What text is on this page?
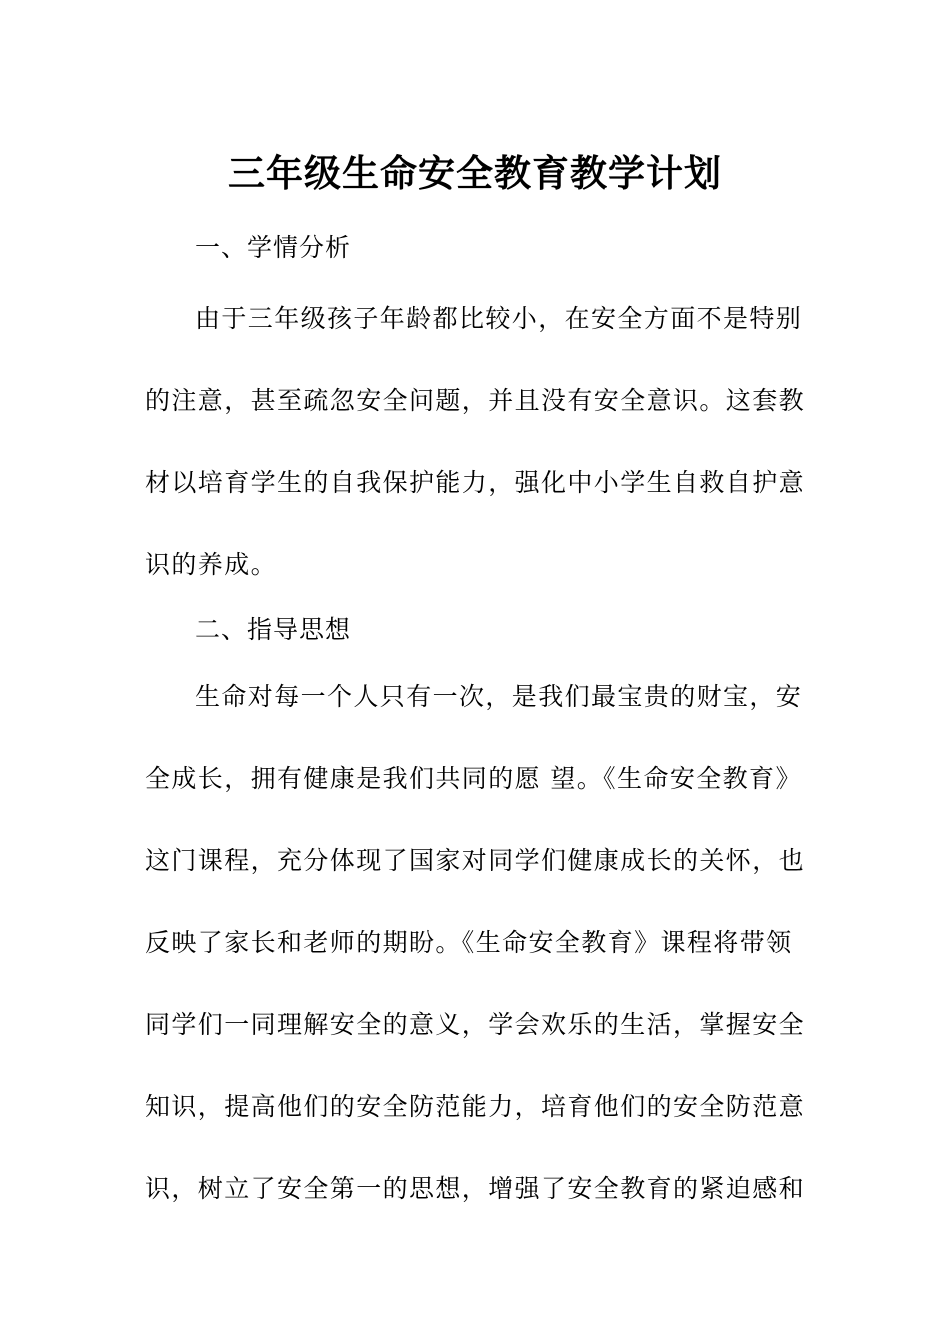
三年级生命安全教育教学计划

一、学情分析

由于三年级孩子年龄都比较小，在安全方面不是特别的注意，甚至疏忽安全问题，并且没有安全意识。这套教材以培育学生的自我保护能力，强化中小学生自救自护意识的养成。

二、指导思想

生命对每一个人只有一次，是我们最宝贵的财宝，安全成长，拥有健康是我们共同的愿 望。《生命安全教育》这门课程，充分体现了国家对同学们健康成长的关怀，也反映了家长和老师的期盼。《生命安全教育》课程将带领同学们一同理解安全的意义，学会欢乐的生活，掌握安全知识，提高他们的安全防范能力，培育他们的安全防范意识，树立了安全第一的思想，增强了安全教育的紧迫感和
